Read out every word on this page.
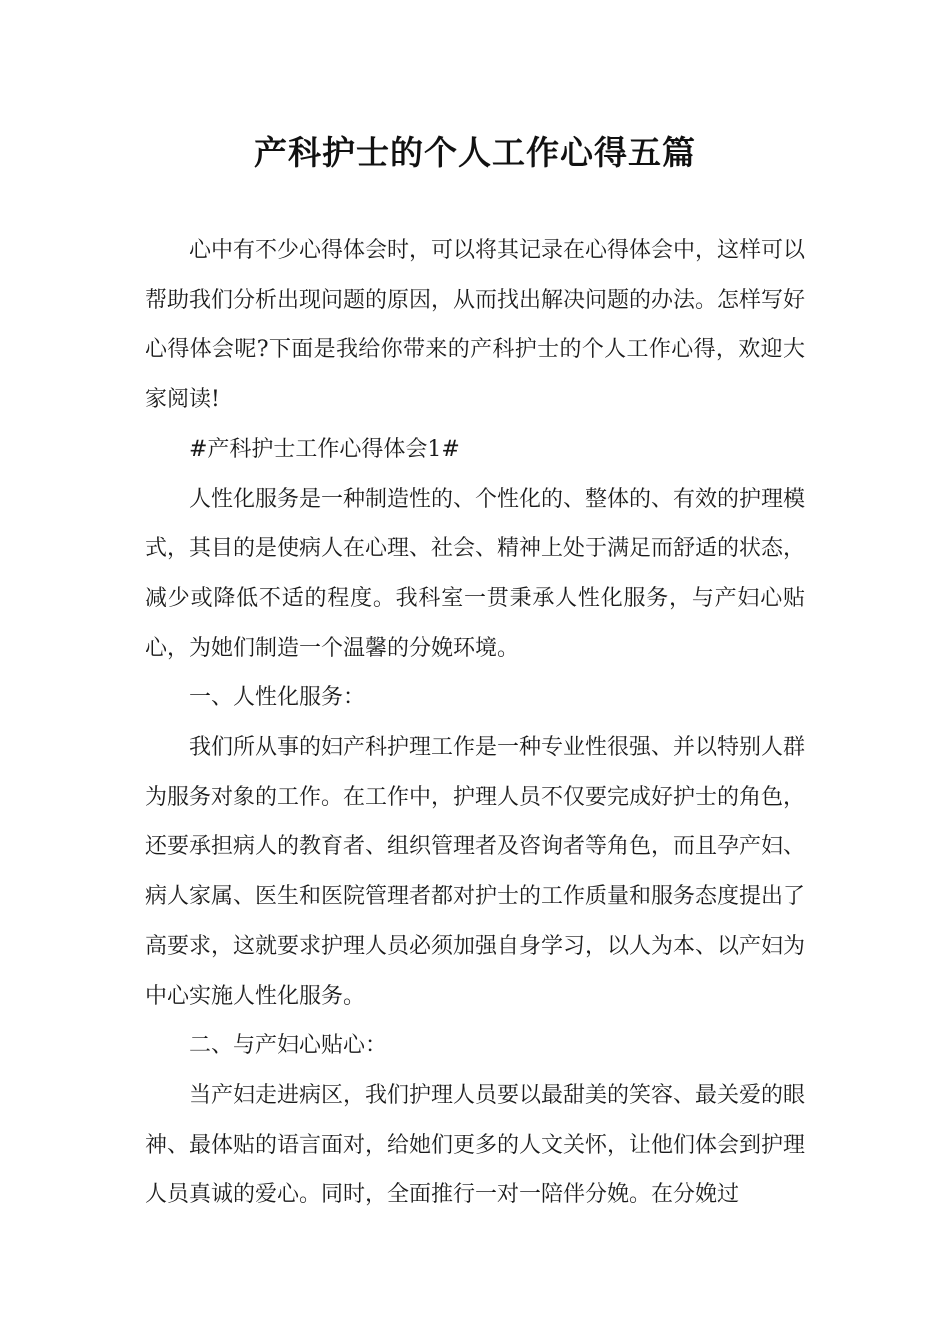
产科护士的个人工作心得五篇

心中有不少心得体会时，可以将其记录在心得体会中，这样可以帮助我们分析出现问题的原因，从而找出解决问题的办法。怎样写好心得体会呢?下面是我给你带来的产科护士的个人工作心得，欢迎大家阅读!

#产科护士工作心得体会1#

人性化服务是一种制造性的、个性化的、整体的、有效的护理模式，其目的是使病人在心理、社会、精神上处于满足而舒适的状态，减少或降低不适的程度。我科室一贯秉承人性化服务，与产妇心贴心，为她们制造一个温馨的分娩环境。

一、人性化服务：

我们所从事的妇产科护理工作是一种专业性很强、并以特别人群为服务对象的工作。在工作中，护理人员不仅要完成好护士的角色，还要承担病人的教育者、组织管理者及咨询者等角色，而且孕产妇、病人家属、医生和医院管理者都对护士的工作质量和服务态度提出了高要求，这就要求护理人员必须加强自身学习，以人为本、以产妇为中心实施人性化服务。

二、与产妇心贴心：

当产妇走进病区，我们护理人员要以最甜美的笑容、最关爱的眼神、最体贴的语言面对，给她们更多的人文关怀，让他们体会到护理人员真诚的爱心。同时，全面推行一对一陪伴分娩。在分娩过
